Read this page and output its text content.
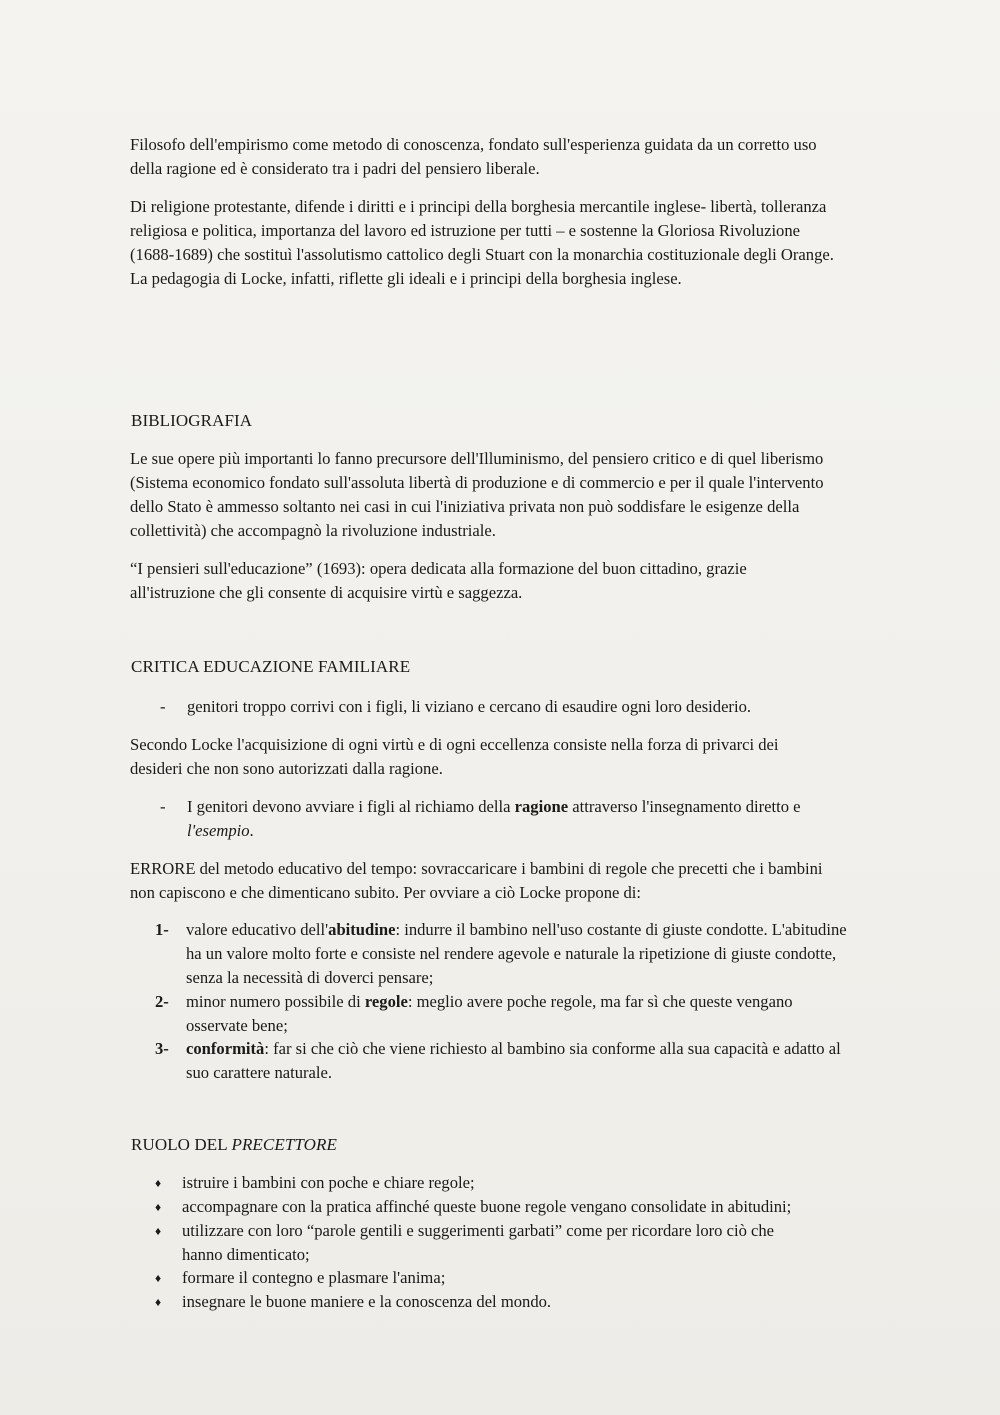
Filosofo dell'empirismo come metodo di conoscenza, fondato sull'esperienza guidata da un corretto uso della ragione ed è considerato tra i padri del pensiero liberale.

Di religione protestante, difende i diritti e i principi della borghesia mercantile inglese- libertà, tolleranza religiosa e politica, importanza del lavoro ed istruzione per tutti – e sostenne la Gloriosa Rivoluzione (1688-1689) che sostituì l'assolutismo cattolico degli Stuart con la monarchia costituzionale degli Orange. La pedagogia di Locke, infatti, riflette gli ideali e i principi della borghesia inglese.

BIBLIOGRAFIA

Le sue opere più importanti lo fanno precursore dell'Illuminismo, del pensiero critico e di quel liberismo (Sistema economico fondato sull'assoluta libertà di produzione e di commercio e per il quale l'intervento dello Stato è ammesso soltanto nei casi in cui l'iniziativa privata non può soddisfare le esigenze della collettività) che accompagnò la rivoluzione industriale.

“I pensieri sull'educazione” (1693): opera dedicata alla formazione del buon cittadino, grazie all'istruzione che gli consente di acquisire virtù e saggezza.

CRITICA EDUCAZIONE FAMILIARE
-	genitori troppo corrivi con i figli, li viziano e cercano di esaudire ogni loro desiderio.

Secondo Locke l'acquisizione di ogni virtù e di ogni eccellenza consiste nella forza di privarci dei desideri che non sono autorizzati dalla ragione.

-	I genitori devono avviare i figli al richiamo della ragione attraverso l'insegnamento diretto e l'esempio.

ERRORE del metodo educativo del tempo: sovraccaricare i bambini di regole che precetti che i bambini non capiscono e che dimenticano subito. Per ovviare a ciò Locke propone di:

1-	valore educativo dell'abitudine: indurre il bambino nell'uso costante di giuste condotte. L'abitudine ha un valore molto forte e consiste nel rendere agevole e naturale la ripetizione di giuste condotte, senza la necessità di doverci pensare;
2-	minor numero possibile di regole: meglio avere poche regole, ma far sì che queste vengano osservate bene;
3-	conformità: far si che ciò che viene richiesto al bambino sia conforme alla sua capacità e adatto al suo carattere naturale.
RUOLO DEL PRECETTORE
♦	istruire i bambini con poche e chiare regole;
♦	accompagnare con la pratica affinché queste buone regole vengano consolidate in abitudini;
♦	utilizzare con loro “parole gentili e suggerimenti garbati” come per ricordare loro ciò che hanno dimenticato;
♦	formare il contegno e plasmare l'anima;
♦	insegnare le buone maniere e la conoscenza del mondo.
